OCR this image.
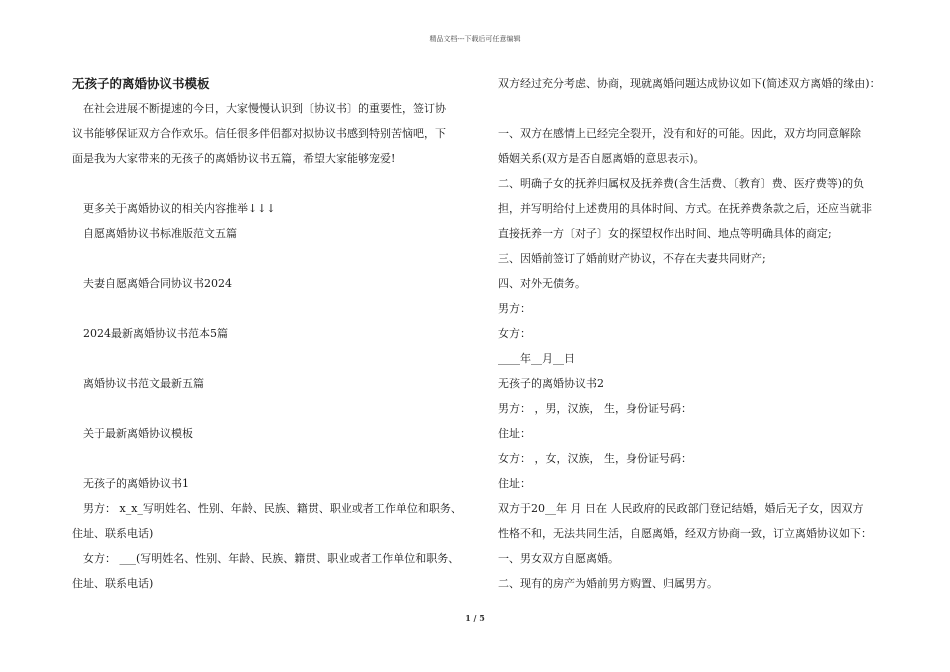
精品文档---下载后可任意编辑
无孩子的离婚协议书模板
在社会进展不断提速的今日，大家慢慢认识到〔协议书〕的重要性，签订协
议书能够保证双方合作欢乐。信任很多伴侣都对拟协议书感到特别苦恼吧，下
面是我为大家带来的无孩子的离婚协议书五篇，希望大家能够宠爱!
更多关于离婚协议的相关内容推举↓↓↓
自愿离婚协议书标准版范文五篇
夫妻自愿离婚合同协议书2024
2024最新离婚协议书范本5篇
离婚协议书范文最新五篇
关于最新离婚协议模板
无孩子的离婚协议书1
男方： x_x_写明姓名、性别、年龄、民族、籍贯、职业或者工作单位和职务、
住址、联系电话)
女方： ___(写明姓名、性别、年龄、民族、籍贯、职业或者工作单位和职务、
住址、联系电话)
双方经过充分考虑、协商，现就离婚问题达成协议如下(简述双方离婚的缘由)：
一、双方在感情上已经完全裂开，没有和好的可能。因此，双方均同意解除
婚姻关系(双方是否自愿离婚的意思表示)。
二、明确子女的抚养归属权及抚养费(含生活费、〔教育〕费、医疗费等)的负
担，并写明给付上述费用的具体时间、方式。在抚养费条款之后，还应当就非
直接抚养一方〔对子〕女的探望权作出时间、地点等明确具体的商定;
三、因婚前签订了婚前财产协议，不存在夫妻共同财产;
四、对外无债务。
男方：
女方：
____年__月__日
无孩子的离婚协议书2
男方： ，男，汉族， 生，身份证号码：
住址：
女方： ，女，汉族， 生，身份证号码：
住址：
双方于20__年 月 日在 人民政府的民政部门登记结婚，婚后无子女，因双方
性格不和，无法共同生活，自愿离婚，经双方协商一致，订立离婚协议如下：
一、男女双方自愿离婚。
二、现有的房产为婚前男方购置、归属男方。
1 / 5
